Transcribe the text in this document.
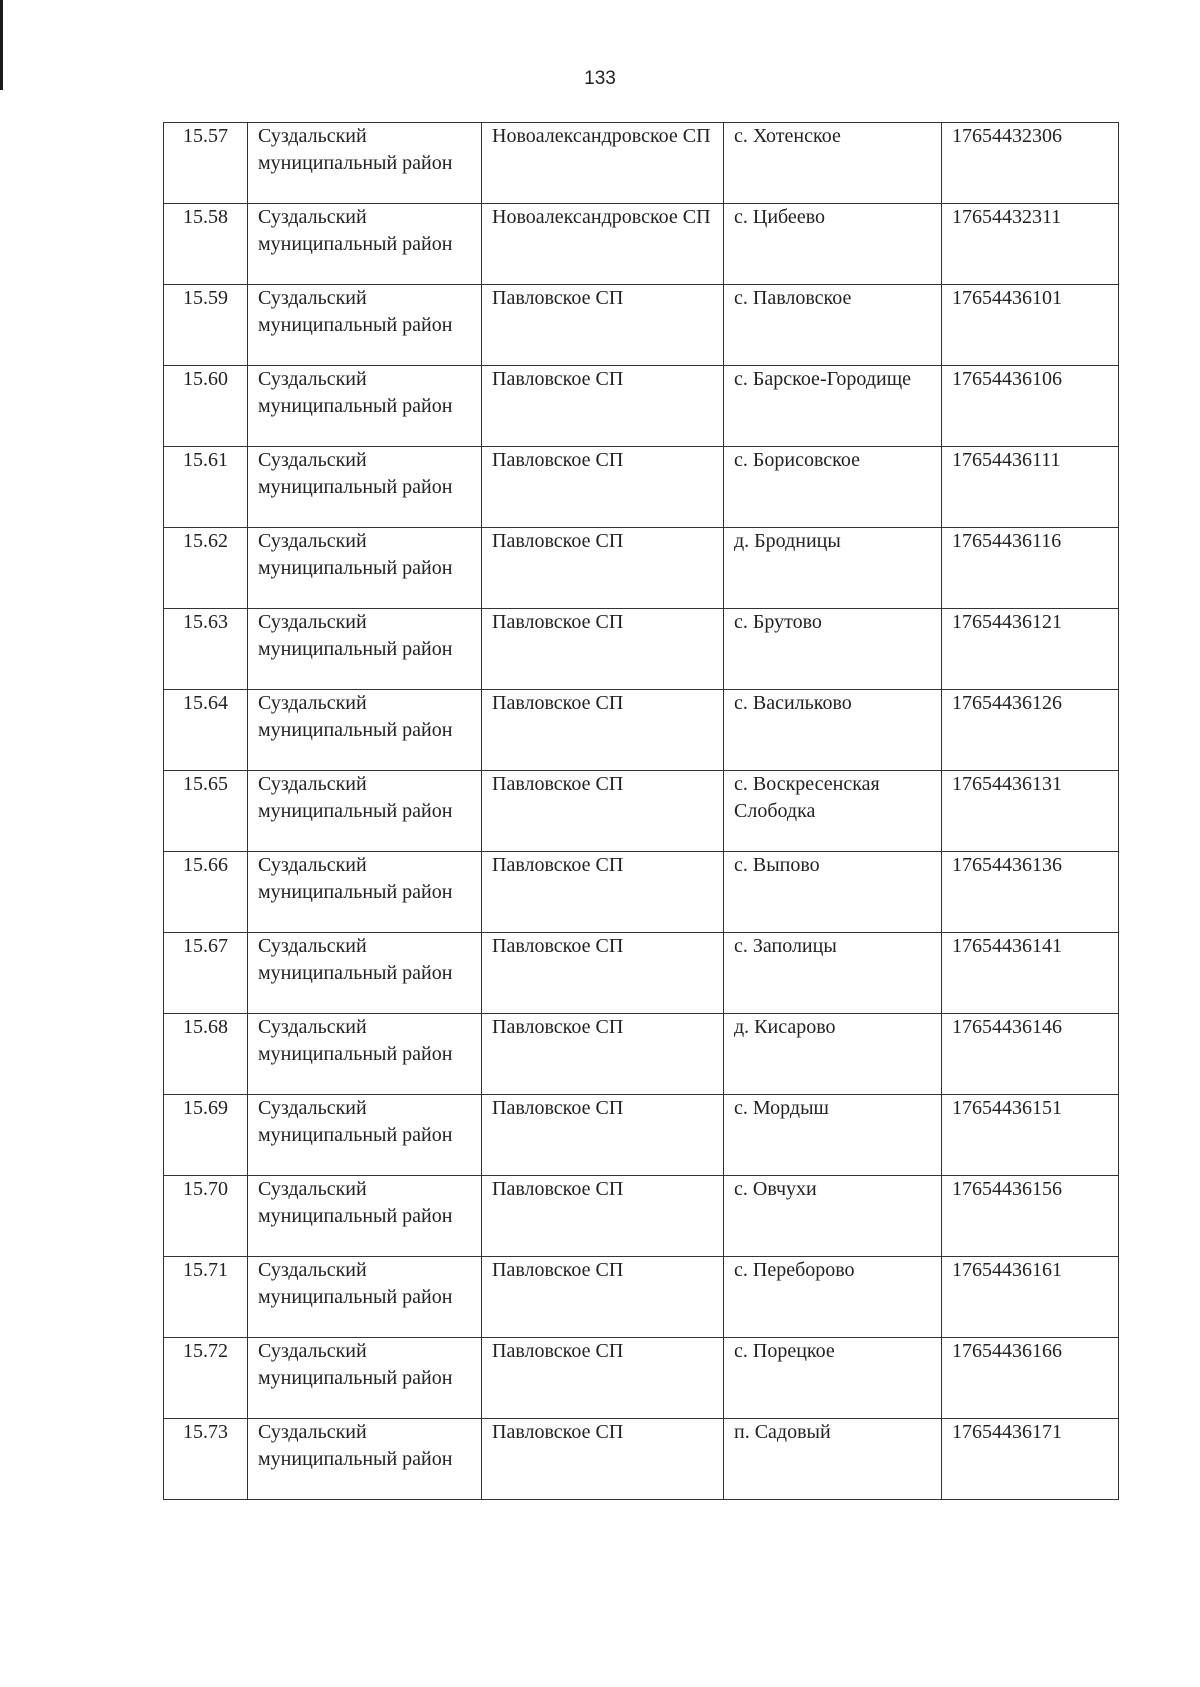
133
15.57	Суздальский муниципальный район	Новоалександровское СП	с. Хотенское	17654432306
15.58	Суздальский муниципальный район	Новоалександровское СП	с. Цибеево	17654432311
15.59	Суздальский муниципальный район	Павловское СП	с. Павловское	17654436101
15.60	Суздальский муниципальный район	Павловское СП	с. Барское-Городище	17654436106
15.61	Суздальский муниципальный район	Павловское СП	с. Борисовское	17654436111
15.62	Суздальский муниципальный район	Павловское СП	д. Бродницы	17654436116
15.63	Суздальский муниципальный район	Павловское СП	с. Брутово	17654436121
15.64	Суздальский муниципальный район	Павловское СП	с. Васильково	17654436126
15.65	Суздальский муниципальный район	Павловское СП	с. Воскресенская Слободка	17654436131
15.66	Суздальский муниципальный район	Павловское СП	с. Выпово	17654436136
15.67	Суздальский муниципальный район	Павловское СП	с. Заполицы	17654436141
15.68	Суздальский муниципальный район	Павловское СП	д. Кисарово	17654436146
15.69	Суздальский муниципальный район	Павловское СП	с. Мордыш	17654436151
15.70	Суздальский муниципальный район	Павловское СП	с. Овчухи	17654436156
15.71	Суздальский муниципальный район	Павловское СП	с. Переборово	17654436161
15.72	Суздальский муниципальный район	Павловское СП	с. Порецкое	17654436166
15.73	Суздальский муниципальный район	Павловское СП	п. Садовый	17654436171
